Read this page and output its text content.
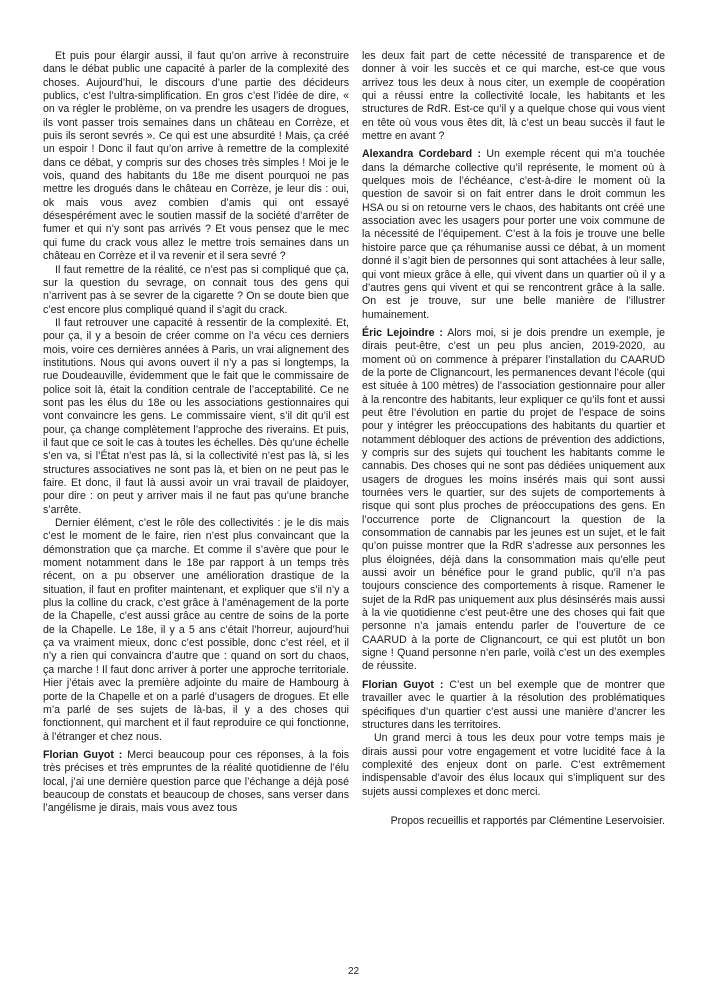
Et puis pour élargir aussi, il faut qu’on arrive à reconstruire dans le débat public une capacité à parler de la complexité des choses. Aujourd’hui, le discours d’une partie des décideurs publics, c’est l’ultra-simplification. En gros c’est l’idée de dire, « on va régler le problème, on va prendre les usagers de drogues, ils vont passer trois semaines dans un château en Corrèze, et puis ils seront sevrés ». Ce qui est une absurdité ! Mais, ça créé un espoir ! Donc il faut qu’on arrive à remettre de la complexité dans ce débat, y compris sur des choses très simples ! Moi je le vois, quand des habitants du 18e me disent pourquoi ne pas mettre les drogués dans le château en Corrèze, je leur dis : oui, ok mais vous avez combien d’amis qui ont essayé désespérément avec le soutien massif de la société d’arrêter de fumer et qui n’y sont pas arrivés ? Et vous pensez que le mec qui fume du crack vous allez le mettre trois semaines dans un château en Corrèze et il va revenir et il sera sevré ?

Il faut remettre de la réalité, ce n’est pas si compliqué que ça, sur la question du sevrage, on connait tous des gens qui n’arrivent pas à se sevrer de la cigarette ? On se doute bien que c’est encore plus compliqué quand il s’agit du crack.

Il faut retrouver une capacité à ressentir de la complexité. Et, pour ça, il y a besoin de créer comme on l’a vécu ces derniers mois, voire ces dernières années à Paris, un vrai alignement des institutions. Nous qui avons ouvert il n’y a pas si longtemps, la rue Doudeauville, évidemment que le fait que le commissaire de police soit là, était la condition centrale de l’acceptabilité. Ce ne sont pas les élus du 18e ou les associations gestionnaires qui vont convaincre les gens. Le commissaire vient, s’il dit qu’il est pour, ça change complètement l’approche des riverains. Et puis, il faut que ce soit le cas à toutes les échelles. Dès qu’une échelle s’en va, si l’État n’est pas là, si la collectivité n’est pas là, si les structures associatives ne sont pas là, et bien on ne peut pas le faire. Et donc, il faut là aussi avoir un vrai travail de plaidoyer, pour dire : on peut y arriver mais il ne faut pas qu’une branche s’arrête.

Dernier élément, c’est le rôle des collectivités : je le dis mais c’est le moment de le faire, rien n’est plus convaincant que la démonstration que ça marche. Et comme il s’avère que pour le moment notamment dans le 18e par rapport à un temps très récent, on a pu observer une amélioration drastique de la situation, il faut en profiter maintenant, et expliquer que s’il n’y a plus la colline du crack, c’est grâce à l’aménagement de la porte de la Chapelle, c’est aussi grâce au centre de soins de la porte de la Chapelle. Le 18e, il y a 5 ans c’était l’horreur, aujourd’hui ça va vraiment mieux, donc c’est possible, donc c’est réel, et il n’y a rien qui convaincra d’autre que : quand on sort du chaos, ça marche ! Il faut donc arriver à porter une approche territoriale. Hier j’étais avec la première adjointe du maire de Hambourg à porte de la Chapelle et on a parlé d’usagers de drogues. Et elle m’a parlé de ses sujets de là-bas, il y a des choses qui fonctionnent, qui marchent et il faut reproduire ce qui fonctionne, à l’étranger et chez nous.

Florian Guyot : Merci beaucoup pour ces réponses, à la fois très précises et très empruntes de la réalité quotidienne de l’élu local, j’ai une dernière question parce que l’échange a déjà posé beaucoup de constats et beaucoup de choses, sans verser dans l’angélisme je dirais, mais vous avez tous

les deux fait part de cette nécessité de transparence et de donner à voir les succès et ce qui marche, est-ce que vous arrivez tous les deux à nous citer, un exemple de coopération qui a réussi entre la collectivité locale, les habitants et les structures de RdR. Est-ce qu’il y a quelque chose qui vous vient en tête où vous vous êtes dit, là c’est un beau succès il faut le mettre en avant ?

Alexandra Cordebard : Un exemple récent qui m’a touchée dans la démarche collective qu’il représente, le moment où à quelques mois de l’échéance, c’est-à-dire le moment où la question de savoir si on fait entrer dans le droit commun les HSA ou si on retourne vers le chaos, des habitants ont créé une association avec les usagers pour porter une voix commune de la nécessité de l’équipement. C’est à la fois je trouve une belle histoire parce que ça réhumanise aussi ce débat, à un moment donné il s’agit bien de personnes qui sont attachées à leur salle, qui vont mieux grâce à elle, qui vivent dans un quartier où il y a d’autres gens qui vivent et qui se rencontrent grâce à la salle. On est je trouve, sur une belle manière de l’illustrer humainement.

Éric Lejoindre : Alors moi, si je dois prendre un exemple, je dirais peut-être, c’est un peu plus ancien, 2019-2020, au moment où on commence à préparer l’installation du CAARUD de la porte de Clignancourt, les permanences devant l’école (qui est située à 100 mètres) de l’association gestionnaire pour aller à la rencontre des habitants, leur expliquer ce qu’ils font et aussi peut être l’évolution en partie du projet de l’espace de soins pour y intégrer les préoccupations des habitants du quartier et notamment débloquer des actions de prévention des addictions, y compris sur des sujets qui touchent les habitants comme le cannabis. Des choses qui ne sont pas dédiées uniquement aux usagers de drogues les moins insérés mais qui sont aussi tournées vers le quartier, sur des sujets de comportements à risque qui sont plus proches de préoccupations des gens. En l’occurrence porte de Clignancourt la question de la consommation de cannabis par les jeunes est un sujet, et le fait qu’on puisse montrer que la RdR s’adresse aux personnes les plus éloignées, déjà dans la consommation mais qu’elle peut aussi avoir un bénéfice pour le grand public, qu’il n’a pas toujours conscience des comportements à risque. Ramener le sujet de la RdR pas uniquement aux plus désinsérés mais aussi à la vie quotidienne c’est peut-être une des choses qui fait que personne n’a jamais entendu parler de l’ouverture de ce CAARUD à la porte de Clignancourt, ce qui est plutôt un bon signe ! Quand personne n’en parle, voilà c’est un des exemples de réussite.

Florian Guyot : C’est un bel exemple que de montrer que travailler avec le quartier à la résolution des problématiques spécifiques d’un quartier c’est aussi une manière d’ancrer les structures dans les territoires.

Un grand merci à tous les deux pour votre temps mais je dirais aussi pour votre engagement et votre lucidité face à la complexité des enjeux dont on parle. C’est extrêmement indispensable d’avoir des élus locaux qui s’impliquent sur des sujets aussi complexes et donc merci.

Propos recueillis et rapportés par Clémentine Leservoisier.

22
